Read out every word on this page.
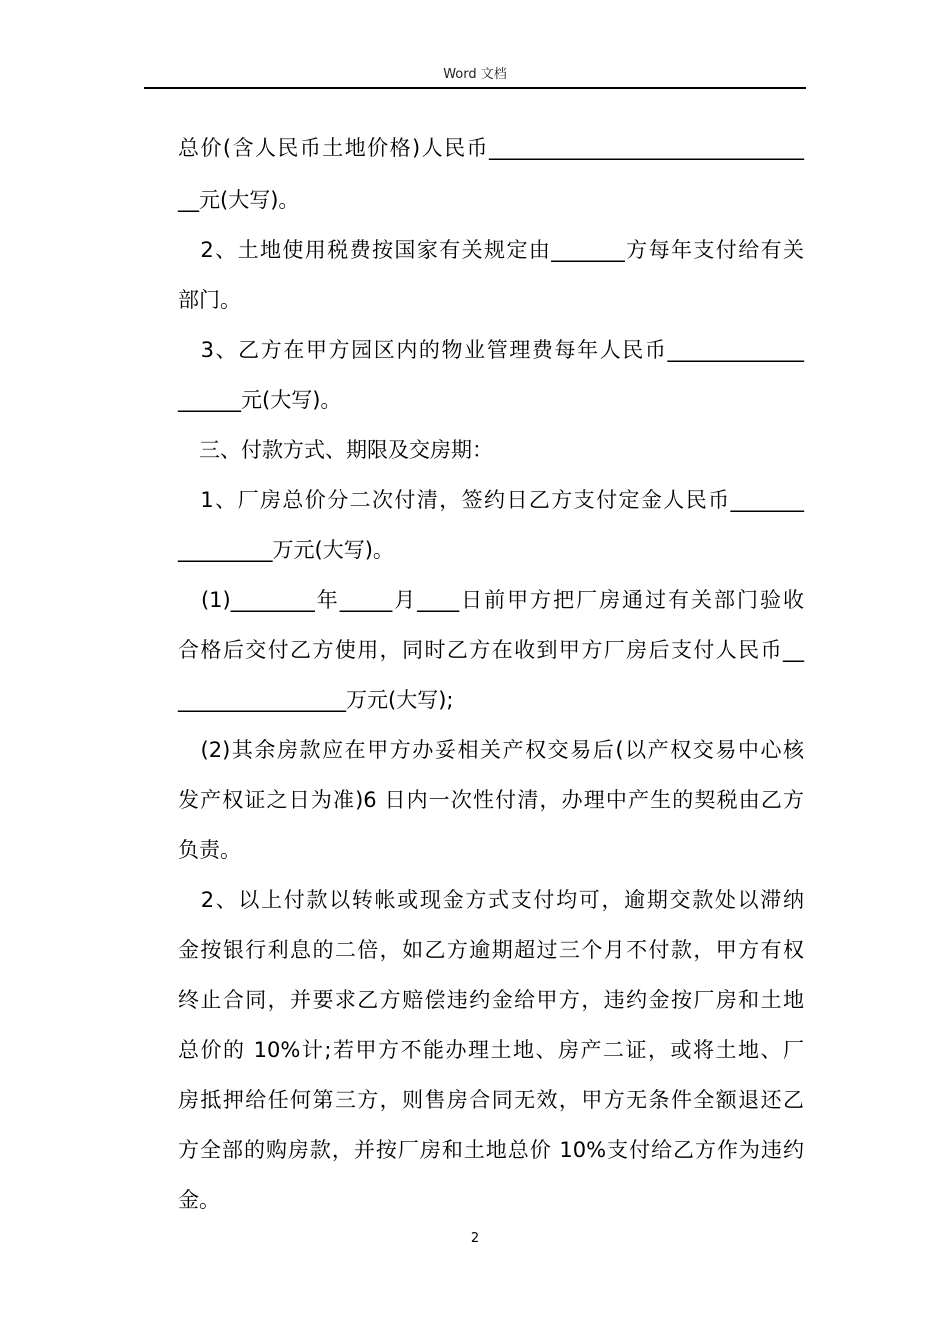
Word 文档
总价(含人民币土地价格)人民币______________________________
__元(大写)。
　2、土地使用税费按国家有关规定由_______方每年支付给有关
部门。
　3、乙方在甲方园区内的物业管理费每年人民币_____________
______元(大写)。
　三、付款方式、期限及交房期：
　1、厂房总价分二次付清，签约日乙方支付定金人民币_______
_________万元(大写)。
　(1)________年_____月____日前甲方把厂房通过有关部门验收
合格后交付乙方使用，同时乙方在收到甲方厂房后支付人民币__
________________万元(大写);
　(2)其余房款应在甲方办妥相关产权交易后(以产权交易中心核
发产权证之日为准)6 日内一次性付清，办理中产生的契税由乙方
负责。
　2、以上付款以转帐或现金方式支付均可，逾期交款处以滞纳
金按银行利息的二倍，如乙方逾期超过三个月不付款，甲方有权
终止合同，并要求乙方赔偿违约金给甲方，违约金按厂房和土地
总价的 10%计;若甲方不能办理土地、房产二证，或将土地、厂
房抵押给任何第三方，则售房合同无效，甲方无条件全额退还乙
方全部的购房款，并按厂房和土地总价 10%支付给乙方作为违约
金。
2
